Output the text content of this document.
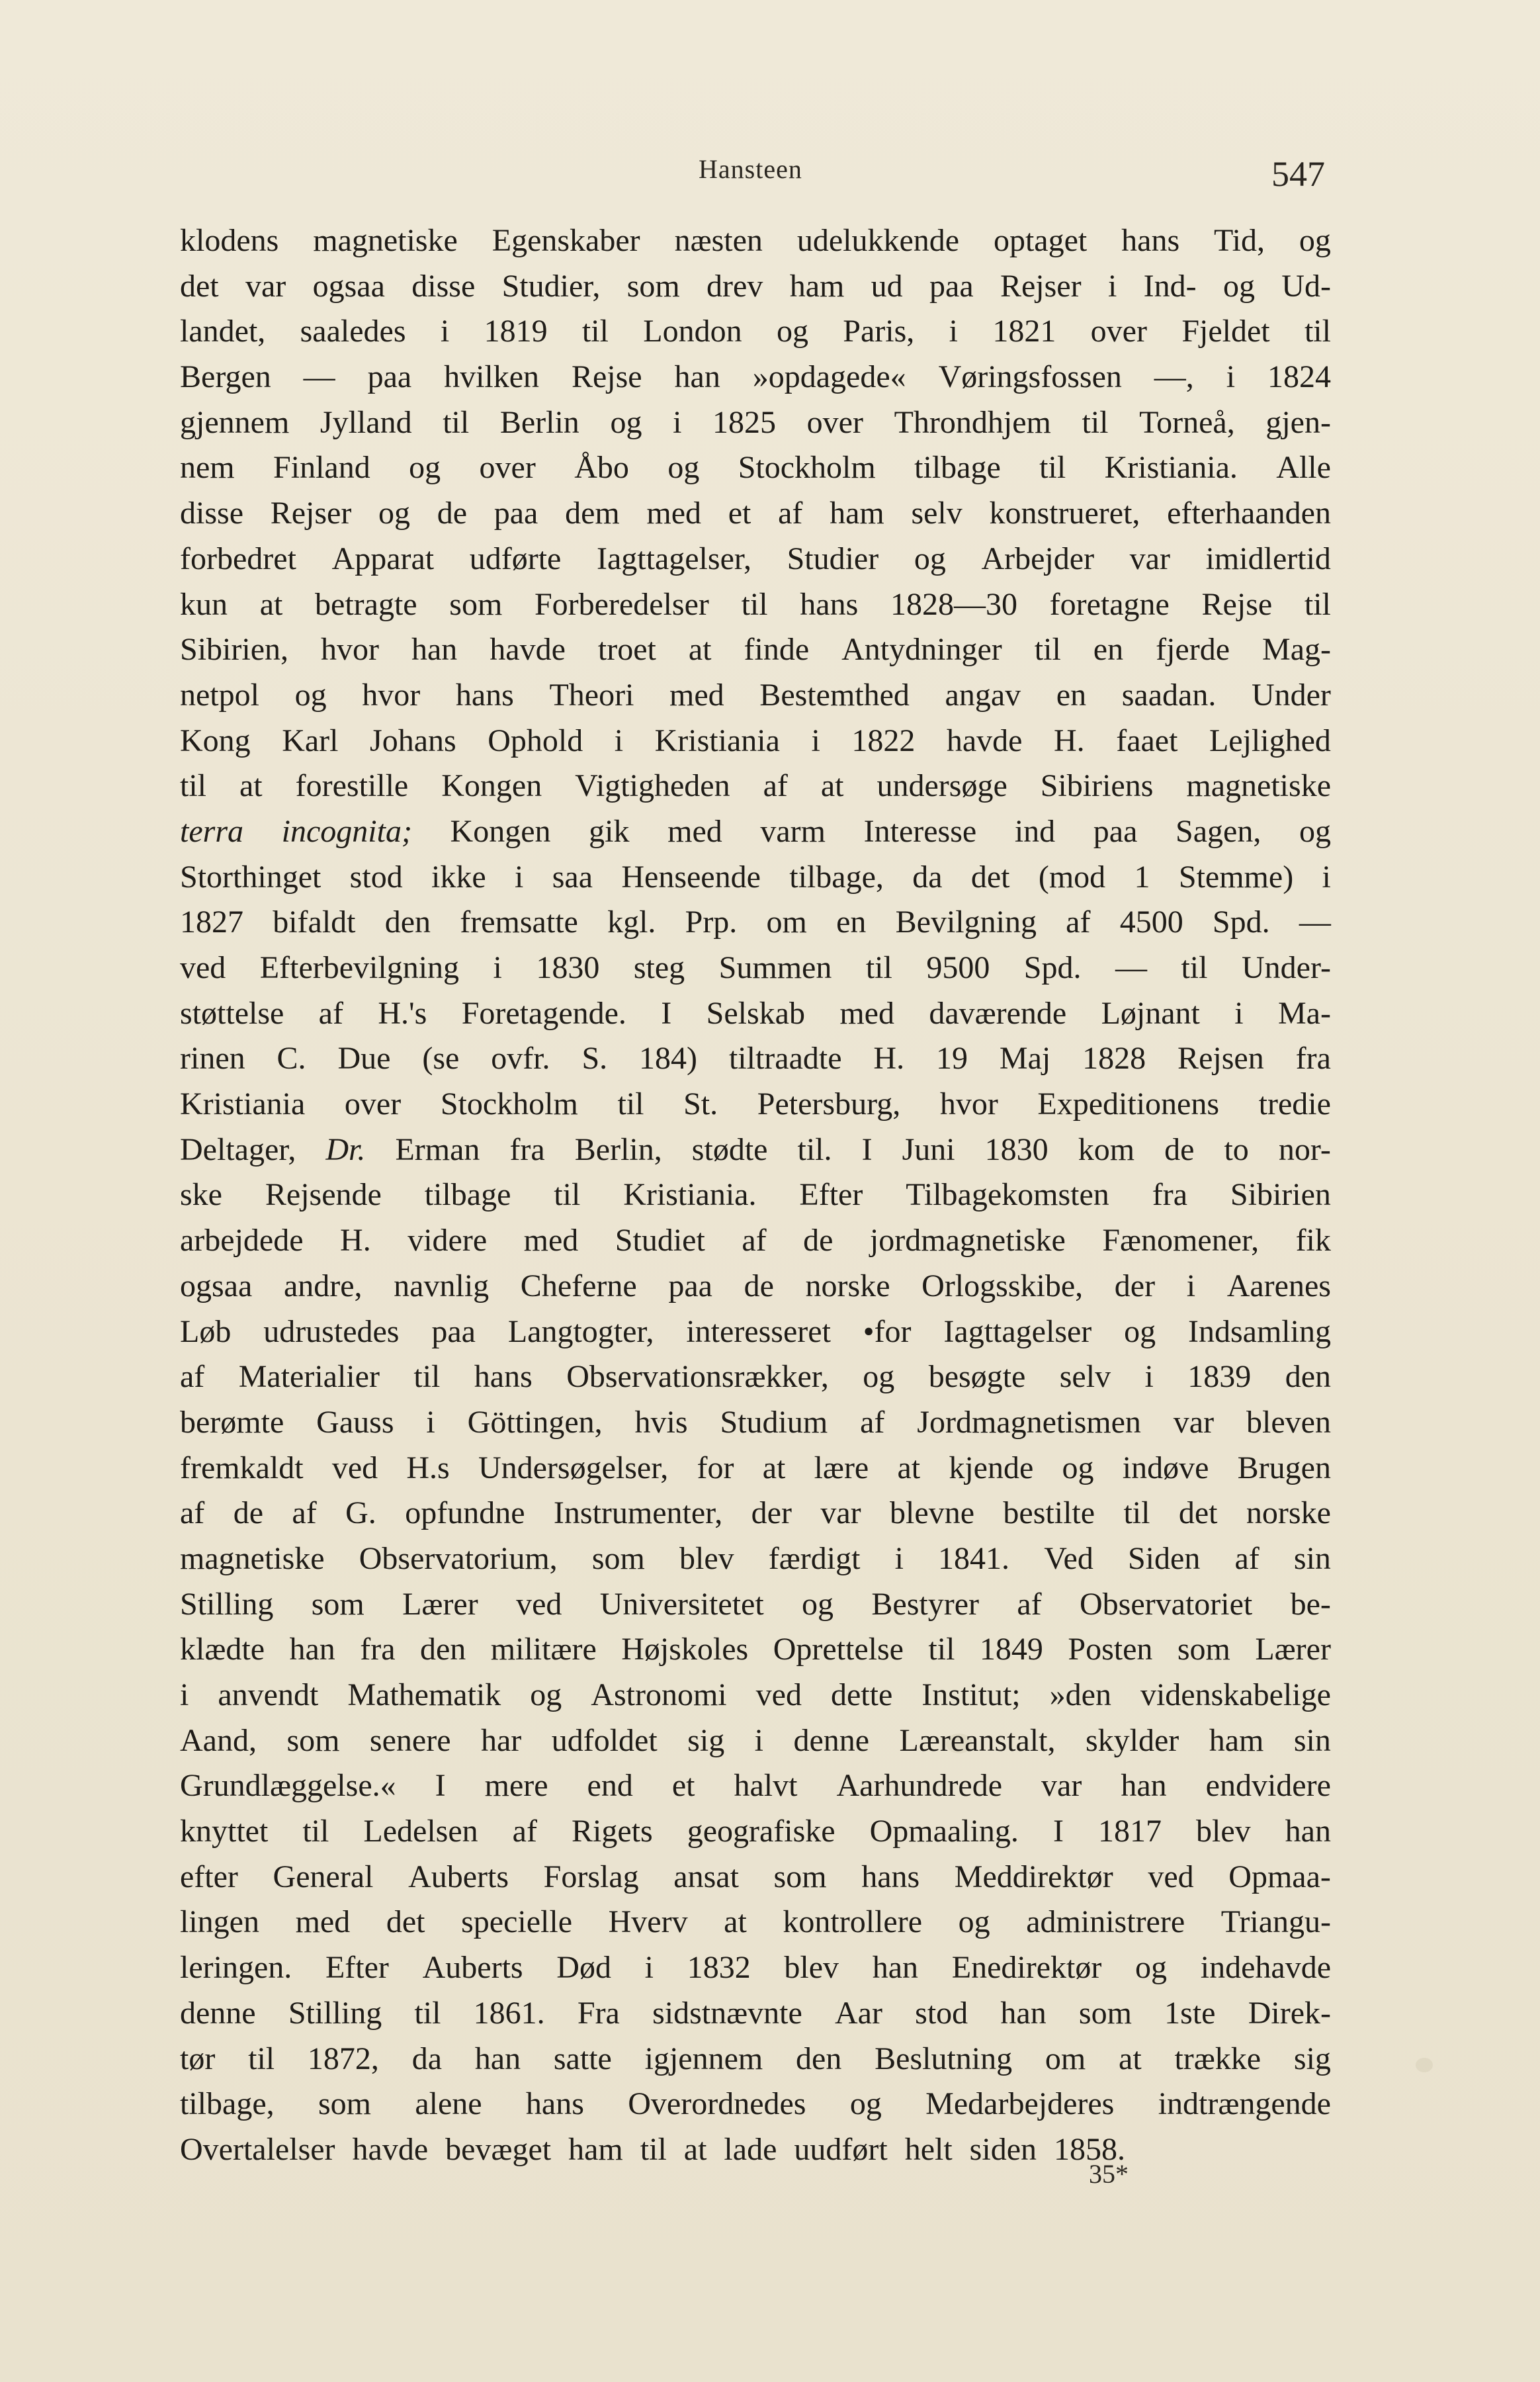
Hansteen	547
klodens magnetiske Egenskaber næsten udelukkende optaget hans Tid, og
det var ogsaa disse Studier, som drev ham ud paa Rejser i Ind- og Ud-
landet, saaledes i 1819 til London og Paris, i 1821 over Fjeldet til
Bergen — paa hvilken Rejse han »opdagede« Vøringsfossen —, i 1824
gjennem Jylland til Berlin og i 1825 over Throndhjem til Torneå, gjen-
nem Finland og over Åbo og Stockholm tilbage til Kristiania. Alle
disse Rejser og de paa dem med et af ham selv konstrueret, efterhaanden
forbedret Apparat udførte Iagttagelser, Studier og Arbejder var imidlertid
kun at betragte som Forberedelser til hans 1828—30 foretagne Rejse til
Sibirien, hvor han havde troet at finde Antydninger til en fjerde Mag-
netpol og hvor hans Theori med Bestemthed angav en saadan. Under
Kong Karl Johans Ophold i Kristiania i 1822 havde H. faaet Lejlighed
til at forestille Kongen Vigtigheden af at undersøge Sibiriens magnetiske
terra incognita; Kongen gik med varm Interesse ind paa Sagen, og
Storthinget stod ikke i saa Henseende tilbage, da det (mod 1 Stemme) i
1827 bifaldt den fremsatte kgl. Prp. om en Bevilgning af 4500 Spd. —
ved Efterbevilgning i 1830 steg Summen til 9500 Spd. — til Under-
støttelse af H.'s Foretagende. I Selskab med daværende Løjnant i Ma-
rinen C. Due (se ovfr. S. 184) tiltraadte H. 19 Maj 1828 Rejsen fra
Kristiania over Stockholm til St. Petersburg, hvor Expeditionens tredie
Deltager, Dr. Erman fra Berlin, stødte til. I Juni 1830 kom de to nor-
ske Rejsende tilbage til Kristiania. Efter Tilbagekomsten fra Sibirien
arbejdede H. videre med Studiet af de jordmagnetiske Fænomener, fik
ogsaa andre, navnlig Cheferne paa de norske Orlogsskibe, der i Aarenes
Løb udrustedes paa Langtogter, interesseret •for Iagttagelser og Indsamling
af Materialier til hans Observationsrækker, og besøgte selv i 1839 den
berømte Gauss i Göttingen, hvis Studium af Jordmagnetismen var bleven
fremkaldt ved H.s Undersøgelser, for at lære at kjende og indøve Brugen
af de af G. opfundne Instrumenter, der var blevne bestilte til det norske
magnetiske Observatorium, som blev færdigt i 1841. Ved Siden af sin
Stilling som Lærer ved Universitetet og Bestyrer af Observatoriet be-
klædte han fra den militære Højskoles Oprettelse til 1849 Posten som Lærer
i anvendt Mathematik og Astronomi ved dette Institut; »den videnskabelige
Aand, som senere har udfoldet sig i denne Læreanstalt, skylder ham sin
Grundlæggelse.« I mere end et halvt Aarhundrede var han endvidere
knyttet til Ledelsen af Rigets geografiske Opmaaling. I 1817 blev han
efter General Auberts Forslag ansat som hans Meddirektør ved Opmaa-
lingen med det specielle Hverv at kontrollere og administrere Triangu-
leringen. Efter Auberts Død i 1832 blev han Enedirektør og indehavde
denne Stilling til 1861. Fra sidstnævnte Aar stod han som 1ste Direk-
tør til 1872, da han satte igjennem den Beslutning om at trække sig
tilbage, som alene hans Overordnedes og Medarbejderes indtrængende
Overtalelser havde bevæget ham til at lade uudført helt siden 1858.
35*
